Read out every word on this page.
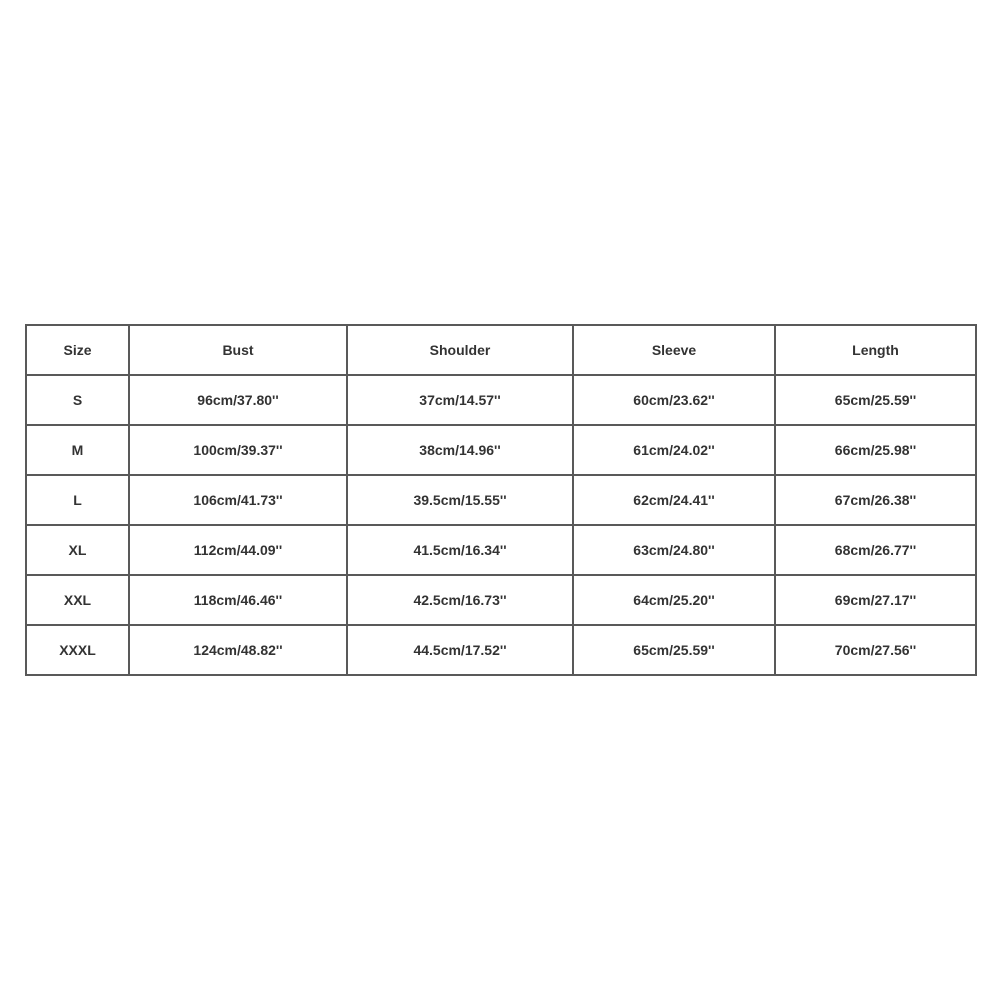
Size	Bust	Shoulder	Sleeve	Length
S	96cm/37.80''	37cm/14.57''	60cm/23.62''	65cm/25.59''
M	100cm/39.37''	38cm/14.96''	61cm/24.02''	66cm/25.98''
L	106cm/41.73''	39.5cm/15.55''	62cm/24.41''	67cm/26.38''
XL	112cm/44.09''	41.5cm/16.34''	63cm/24.80''	68cm/26.77''
XXL	118cm/46.46''	42.5cm/16.73''	64cm/25.20''	69cm/27.17''
XXXL	124cm/48.82''	44.5cm/17.52''	65cm/25.59''	70cm/27.56''
